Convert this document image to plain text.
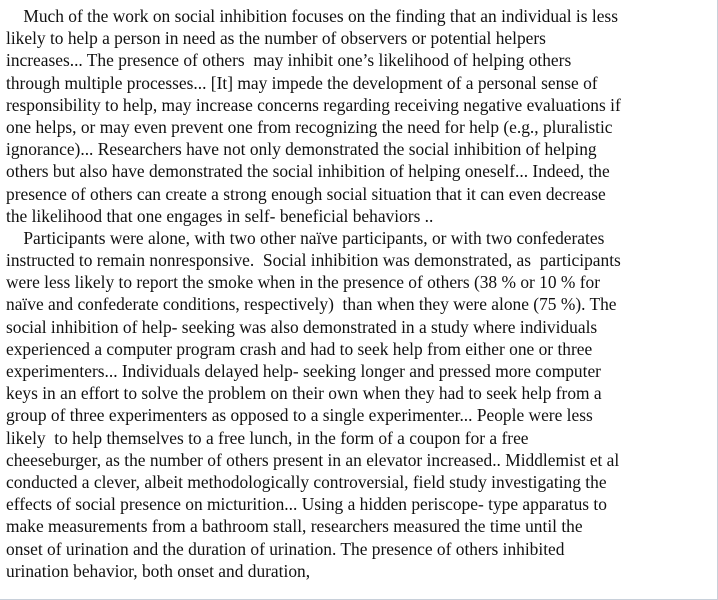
Much of the work on social inhibition focuses on the finding that an individual is less
likely to help a person in need as the number of observers or potential helpers
increases... The presence of others  may inhibit one’s likelihood of helping others
through multiple processes... [It] may impede the development of a personal sense of
responsibility to help, may increase concerns regarding receiving negative evaluations if
one helps, or may even prevent one from recognizing the need for help (e.g., pluralistic
ignorance)... Researchers have not only demonstrated the social inhibition of helping
others but also have demonstrated the social inhibition of helping oneself... Indeed, the
presence of others can create a strong enough social situation that it can even decrease
the likelihood that one engages in self- beneficial behaviors ..
Participants were alone, with two other naïve participants, or with two confederates
instructed to remain nonresponsive.  Social inhibition was demonstrated, as  participants
were less likely to report the smoke when in the presence of others (38 % or 10 % for
naïve and confederate conditions, respectively)  than when they were alone (75 %). The
social inhibition of help- seeking was also demonstrated in a study where individuals
experienced a computer program crash and had to seek help from either one or three
experimenters... Individuals delayed help- seeking longer and pressed more computer
keys in an effort to solve the problem on their own when they had to seek help from a
group of three experimenters as opposed to a single experimenter... People were less
likely  to help themselves to a free lunch, in the form of a coupon for a free
cheeseburger, as the number of others present in an elevator increased.. Middlemist et al
conducted a clever, albeit methodologically controversial, field study investigating the
effects of social presence on micturition... Using a hidden periscope- type apparatus to
make measurements from a bathroom stall, researchers measured the time until the
onset of urination and the duration of urination. The presence of others inhibited
urination behavior, both onset and duration,
